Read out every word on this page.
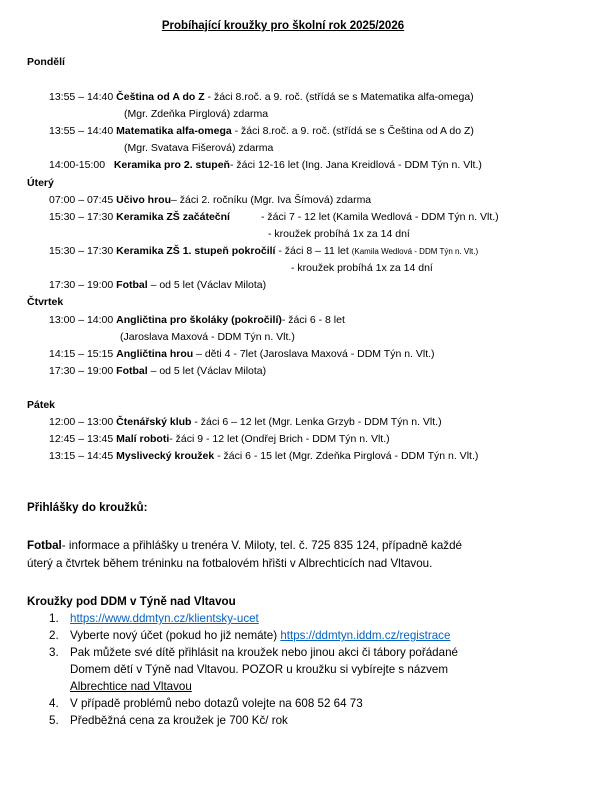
Probíhající kroužky pro školní rok 2025/2026
Pondělí
13:55 – 14:40 Čeština od A do Z - žáci 8.roč. a 9. roč. (střídá se s Matematika alfa-omega)
(Mgr. Zdeňka Pirglová) zdarma
13:55 – 14:40 Matematika alfa-omega - žáci 8.roč. a 9. roč. (střídá se s Čeština od A do Z)
(Mgr. Svatava Fišerová) zdarma
14:00-15:00 Keramika pro 2. stupeň- žáci 12-16 let (Ing. Jana Kreidlová - DDM Týn n. Vlt.)
Úterý
07:00 – 07:45 Učivo hrou– žáci 2. ročníku (Mgr. Iva Šímová) zdarma
15:30 – 17:30 Keramika ZŠ začáteční	- žáci 7 - 12 let (Kamila Wedlová - DDM Týn n. Vlt.)
- kroužek probíhá 1x za 14 dní
15:30 – 17:30 Keramika ZŠ 1. stupeň pokročilí - žáci 8 – 11 let (Kamila Wedlová - DDM Týn n. Vlt.)
- kroužek probíhá 1x za 14 dní
17:30 – 19:00 Fotbal – od 5 let (Václav Milota)
Čtvrtek
13:00 – 14:00 Angličtina pro školáky (pokročilí)- žáci 6 - 8 let
(Jaroslava Maxová - DDM Týn n. Vlt.)
14:15 – 15:15 Angličtina hrou – děti 4 - 7let (Jaroslava Maxová - DDM Týn n. Vlt.)
17:30 – 19:00 Fotbal – od 5 let (Václav Milota)
Pátek
12:00 – 13:00 Čtenářský klub - žáci 6 – 12 let (Mgr. Lenka Grzyb - DDM Týn n. Vlt.)
12:45 – 13:45 Malí roboti- žáci 9 - 12 let (Ondřej Brich - DDM Týn n. Vlt.)
13:15 – 14:45 Myslivecký kroužek - žáci 6 - 15 let (Mgr. Zdeňka Pirglová - DDM Týn n. Vlt.)
Přihlášky do kroužků:
Fotbal- informace a přihlášky u trenéra V. Miloty, tel. č. 725 835 124, případně každé
úterý a čtvrtek během tréninku na fotbalovém hřišti v Albrechticích nad Vltavou.
Kroužky pod DDM v Týně nad Vltavou
1. https://www.ddmtyn.cz/klientsky-ucet
2. Vyberte nový účet (pokud ho již nemáte) https://ddmtyn.iddm.cz/registrace
3. Pak můžete své dítě přihlásit na kroužek nebo jinou akci či tábory pořádané
Domem dětí v Týně nad Vltavou. POZOR u kroužku si vybírejte s názvem
Albrechtice nad Vltavou
4. V případě problémů nebo dotazů volejte na 608 52 64 73
5. Předběžná cena za kroužek je 700 Kč/ rok
